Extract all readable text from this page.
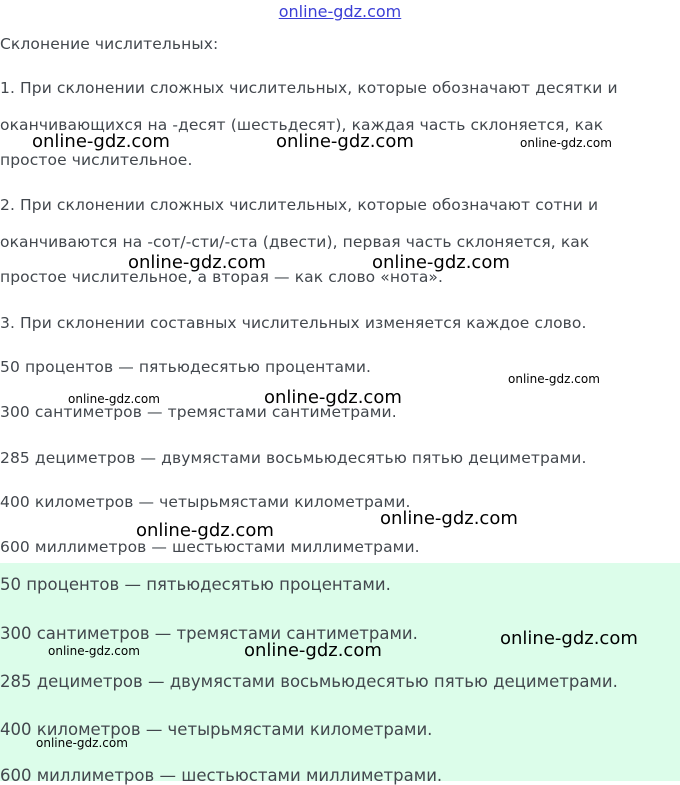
online-gdz.com
Склонение числительных:
1. При склонении сложных числительных, которые обозначают десятки и
оканчивающихся на -десят (шестьдесят), каждая часть склоняется, как
простое числительное.
2. При склонении сложных числительных, которые обозначают сотни и
оканчиваются на -сот/-сти/-ста (двести), первая часть склоняется, как
простое числительное, а вторая — как слово «нота».
3. При склонении составных числительных изменяется каждое слово.
50 процентов — пятьюдесятью процентами.
300 сантиметров — тремястами сантиметрами.
285 дециметров — двумястами восьмьюдесятью пятью дециметрами.
400 километров — четырьмястами километрами.
600 миллиметров — шестьюстами миллиметрами.
50 процентов — пятьюдесятью процентами.
300 сантиметров — тремястами сантиметрами.
285 дециметров — двумястами восьмьюдесятью пятью дециметрами.
400 километров — четырьмястами километрами.
600 миллиметров — шестьюстами миллиметрами.
online-gdz.com	online-gdz.com	online-gdz.com
online-gdz.com	online-gdz.com
online-gdz.com
online-gdz.com	online-gdz.com
online-gdz.com
online-gdz.com
online-gdz.com
online-gdz.com	online-gdz.com
online-gdz.com
